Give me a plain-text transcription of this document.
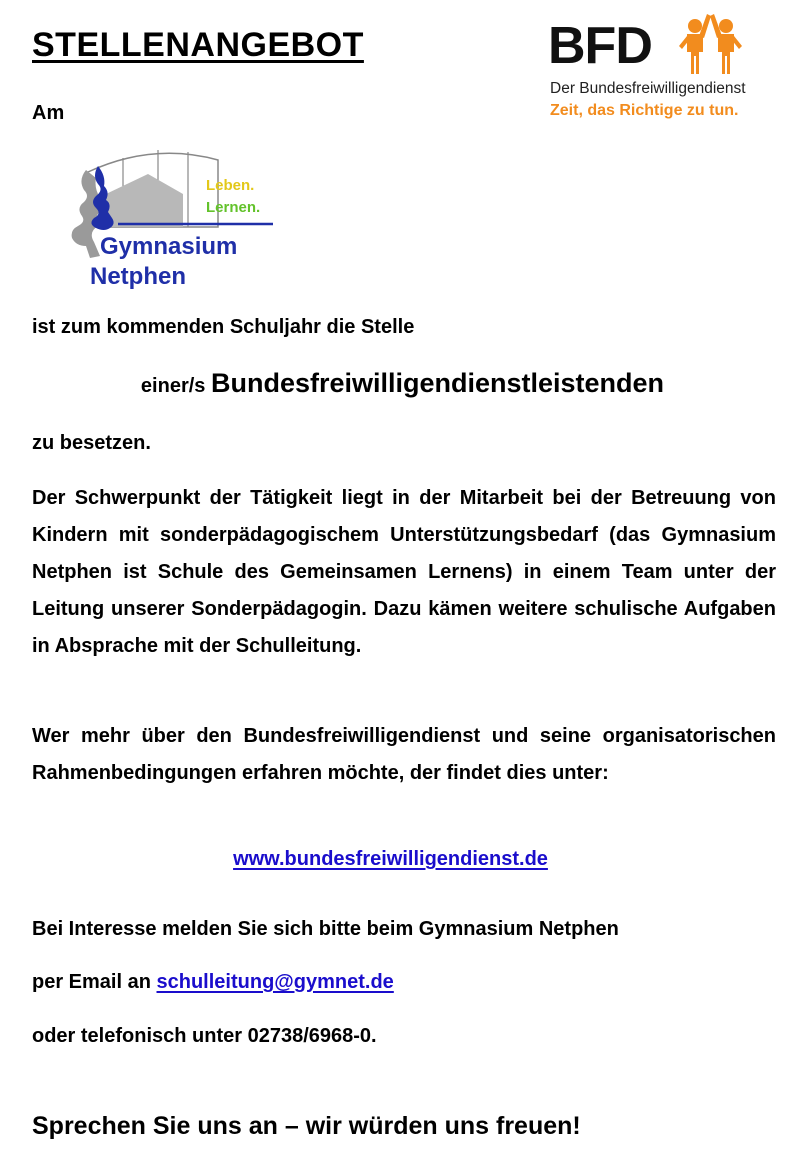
STELLENANGEBOT	BFD
Der Bundesfreiwilligendienst
Zeit, das Richtige zu tun.
Am
Leben.
Lernen.
Gymnasium
Netphen
ist zum kommenden Schuljahr die Stelle
einer/s Bundesfreiwilligendienstleistenden
zu besetzen.
Der Schwerpunkt der Tätigkeit liegt in der Mitarbeit bei der Betreuung von Kindern mit sonderpädagogischem Unterstützungsbedarf (das Gymnasium Netphen ist Schule des Gemeinsamen Lernens) in einem Team unter der Leitung unserer Sonderpädagogin. Dazu kämen weitere schulische Aufgaben in Absprache mit der Schulleitung.
Wer mehr über den Bundesfreiwilligendienst und seine organisatorischen Rahmenbedingungen erfahren möchte, der findet dies unter:
www.bundesfreiwilligendienst.de
Bei Interesse melden Sie sich bitte beim Gymnasium Netphen
per Email an schulleitung@gymnet.de
oder telefonisch unter 02738/6968-0.
Sprechen Sie uns an – wir würden uns freuen!
